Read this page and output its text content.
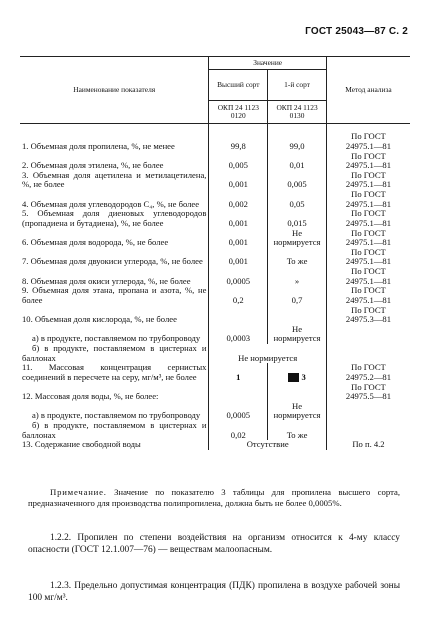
ГОСТ 25043—87 С. 2
Наименование показателя	Значение		Метод анализа
	Высший сорт	1-й сорт	
	ОКП 24 1123 0120	ОКП 24 1123 0130	

1. Объемная доля пропилена, %, не менее	99,8	99,0	По ГОСТ
24975.1—81
2. Объемная доля этилена, %, не более	0,005	0,01	По ГОСТ
24975.1—81
3. Объемная доля ацетилена и метилацетилена, %, не более	0,001	0,005	По ГОСТ
24975.1—81
4. Объемная доля углеводородов С₄, %, не более	0,002	0,05	По ГОСТ
24975.1—81
5. Объемная доля диеновых углеводородов (пропадиена и бутадиена), %, не более	0,001	0,015	По ГОСТ
24975.1—81
6. Объемная доля водорода, %, не более	0,001	Не нормируется	По ГОСТ
24975.1—81
7. Объемная доля двуокиси углерода, %, не более	0,001	То же	По ГОСТ
24975.1—81
8. Объемная доля окиси углерода, %, не более	0,0005	»	По ГОСТ
24975.1—81
9. Объемная доля этана, пропана и азота, %, не более	0,2	0,7	По ГОСТ
24975.1—81
10. Объемная доля кислорода, %, не более			По ГОСТ
24975.3—81
а) в продукте, поставляемом по трубопроводу	0,0003	Не нормируется	
б) в продукте, поставляемом в цистернах и баллонах	Не нормируется		
11. Массовая концентрация сернистых соединений в пересчете на серу, мг/м³, не более	1	3	По ГОСТ
24975.2—81
12. Массовая доля воды, %, не более:			По ГОСТ
24975.5—81
а) в продукте, поставляемом по трубопроводу	0,0005	Не нормируется	
б) в продукте, поставляемом в цистернах и баллонах	0,02	То же	
13. Содержание свободной воды	Отсутствие		По п. 4.2
Примечание. Значение по показателю 3 таблицы для пропилена высшего сорта, предназначенного для производства полипропилена, должна быть не более 0,0005%.
1.2.2. Пропилен по степени воздействия на организм относится к 4-му классу опасности (ГОСТ 12.1.007—76) — веществам малоопасным.
1.2.3. Предельно допустимая концентрация (ПДК) пропилена в воздухе рабочей зоны 100 мг/м³.
